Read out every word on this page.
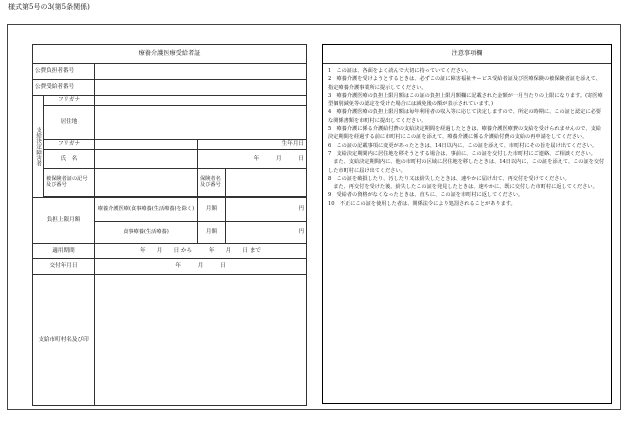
様式第5号の3(第5条関係)
療養介護医療受給者証				
公費負担者番号				
公費受給者番号				
支給決定障害者	フリガナ			
	居住地			
	フリガナ		生年月日	
	氏　名		年　　　月　　　日	
	被保険者証の記号及び番号		保険者名及び番号	

負担上限月額		療養介護医療(食事療養(生活療養)を除く)	月額	円
		食事療養(生活療養)	月額	円
適用期間		年　　月　　日 から　　　年　　月　　日 まで		
交付年月日		年　　　月　　　日		
支給市町村名及び印				
注意事項欄
1　この証は、各面をよく読んで大切に持っていてください。
2　療養介護を受けようとするときは、必ずこの証に障害福祉サービス受給者証及び医療保険の被保険者証を添えて、指定療養介護事業所に提示してください。
3　療養介護医療の負担上限月額はこの証の負担上限月額欄に記載された金額が一月当たりの上限になります。(寄医療型個別減免等の認定を受けた場合には減免後の額が表示されています。)
4　療養介護医療の負担上限月額は毎年利用者の収入等に応じて決定しますので、所定の時期に、この証と認定に必要な関係書類を市町村に提出してください。
5　療養介護に係る介護給付費の支給決定期間を経過したときは、療養介護医療費の支給を受けられませんので、支給決定期間を経過する前に市町村にこの証を添えて、療養介護に係る介護給付費の支給の再申請をしてください。
6　この証の記載事項に変更があったときは、14日以内に、この証を添えて、市町村にその旨を届け出てください。
7　支給決定期間内に居住地を移そうとする場合は、事前に、この証を交付した市町村にご連絡、ご相談ください。
　また、支給決定期間内に、他の市町村の区域に居住地を移したときは、14日以内に、この証を添えて、この証を交付した市町村に届け出てください。
8　この証を破損したり、汚したり又は紛失したときは、速やかに届け出て、再交付を受けてください。
　また、再交付を受けた後、紛失したこの証を発見したときは、速やかに、既に交付した市町村に返してください。
9　受給者の資格がなくなったときは、直ちに、この証を市町村に返してください。
10　不正にこの証を使用した者は、関係法令により処罰されることがあります。
